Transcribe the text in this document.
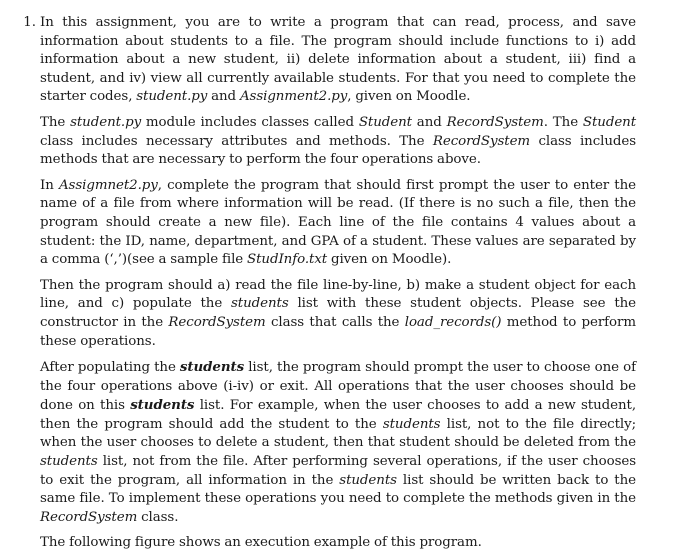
1. In this assignment, you are to write a program that can read, process, and save information about students to a file. The program should include functions to i) add information about a new student, ii) delete information about a student, iii) find a student, and iv) view all currently available students. For that you need to complete the starter codes, student.py and Assignment2.py, given on Moodle.

The student.py module includes classes called Student and RecordSystem. The Student class includes necessary attributes and methods. The RecordSystem class includes methods that are necessary to perform the four operations above.

In Assigmnet2.py, complete the program that should first prompt the user to enter the name of a file from where information will be read. (If there is no such a file, then the program should create a new file). Each line of the file contains 4 values about a student: the ID, name, department, and GPA of a student. These values are separated by a comma (‘,’)(see a sample file StudInfo.txt given on Moodle).

Then the program should a) read the file line-by-line, b) make a student object for each line, and c) populate the students list with these student objects. Please see the constructor in the RecordSystem class that calls the load_records() method to perform these operations.

After populating the students list, the program should prompt the user to choose one of the four operations above (i-iv) or exit. All operations that the user chooses should be done on this students list. For example, when the user chooses to add a new student, then the program should add the student to the students list, not to the file directly; when the user chooses to delete a student, then that student should be deleted from the students list, not from the file. After performing several operations, if the user chooses to exit the program, all information in the students list should be written back to the same file. To implement these operations you need to complete the methods given in the RecordSystem class.

The following figure shows an execution example of this program.
